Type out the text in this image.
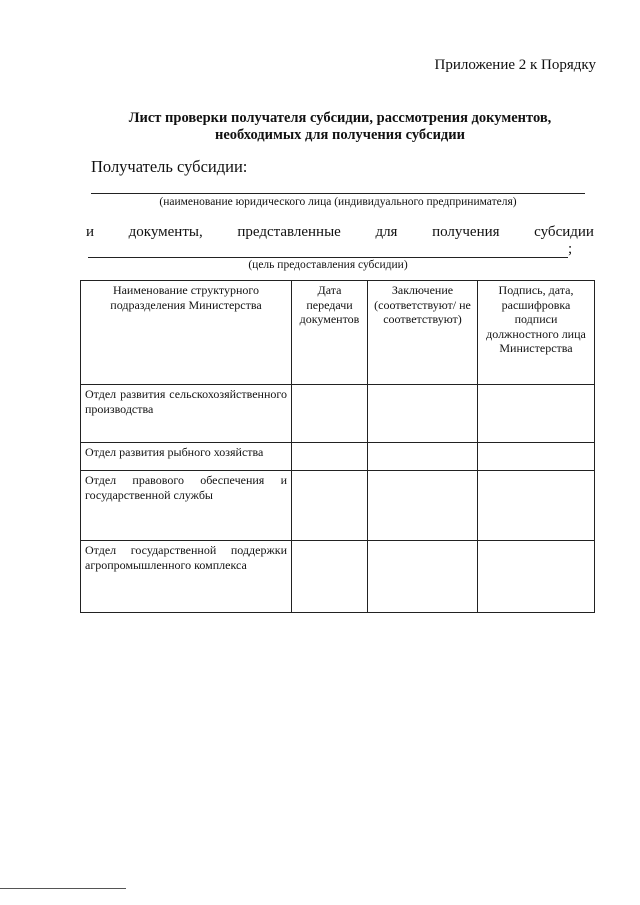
Приложение 2 к Порядку
Лист проверки получателя субсидии, рассмотрения документов, необходимых для получения субсидии
Получатель субсидии:
(наименование юридического лица (индивидуального предпринимателя)
и документы, представленные для получения субсидии
;
(цель предоставления субсидии)
Наименование структурного подразделения Министерства	Дата передачи документов	Заключение (соответствуют/ не соответствуют)	Подпись, дата, расшифровка подписи должностного лица Министерства
Отдел развития сельскохозяйственного производства			
Отдел развития рыбного хозяйства			
Отдел правового обеспечения и государственной службы			
Отдел государственной поддержки агропромышленного комплекса			
